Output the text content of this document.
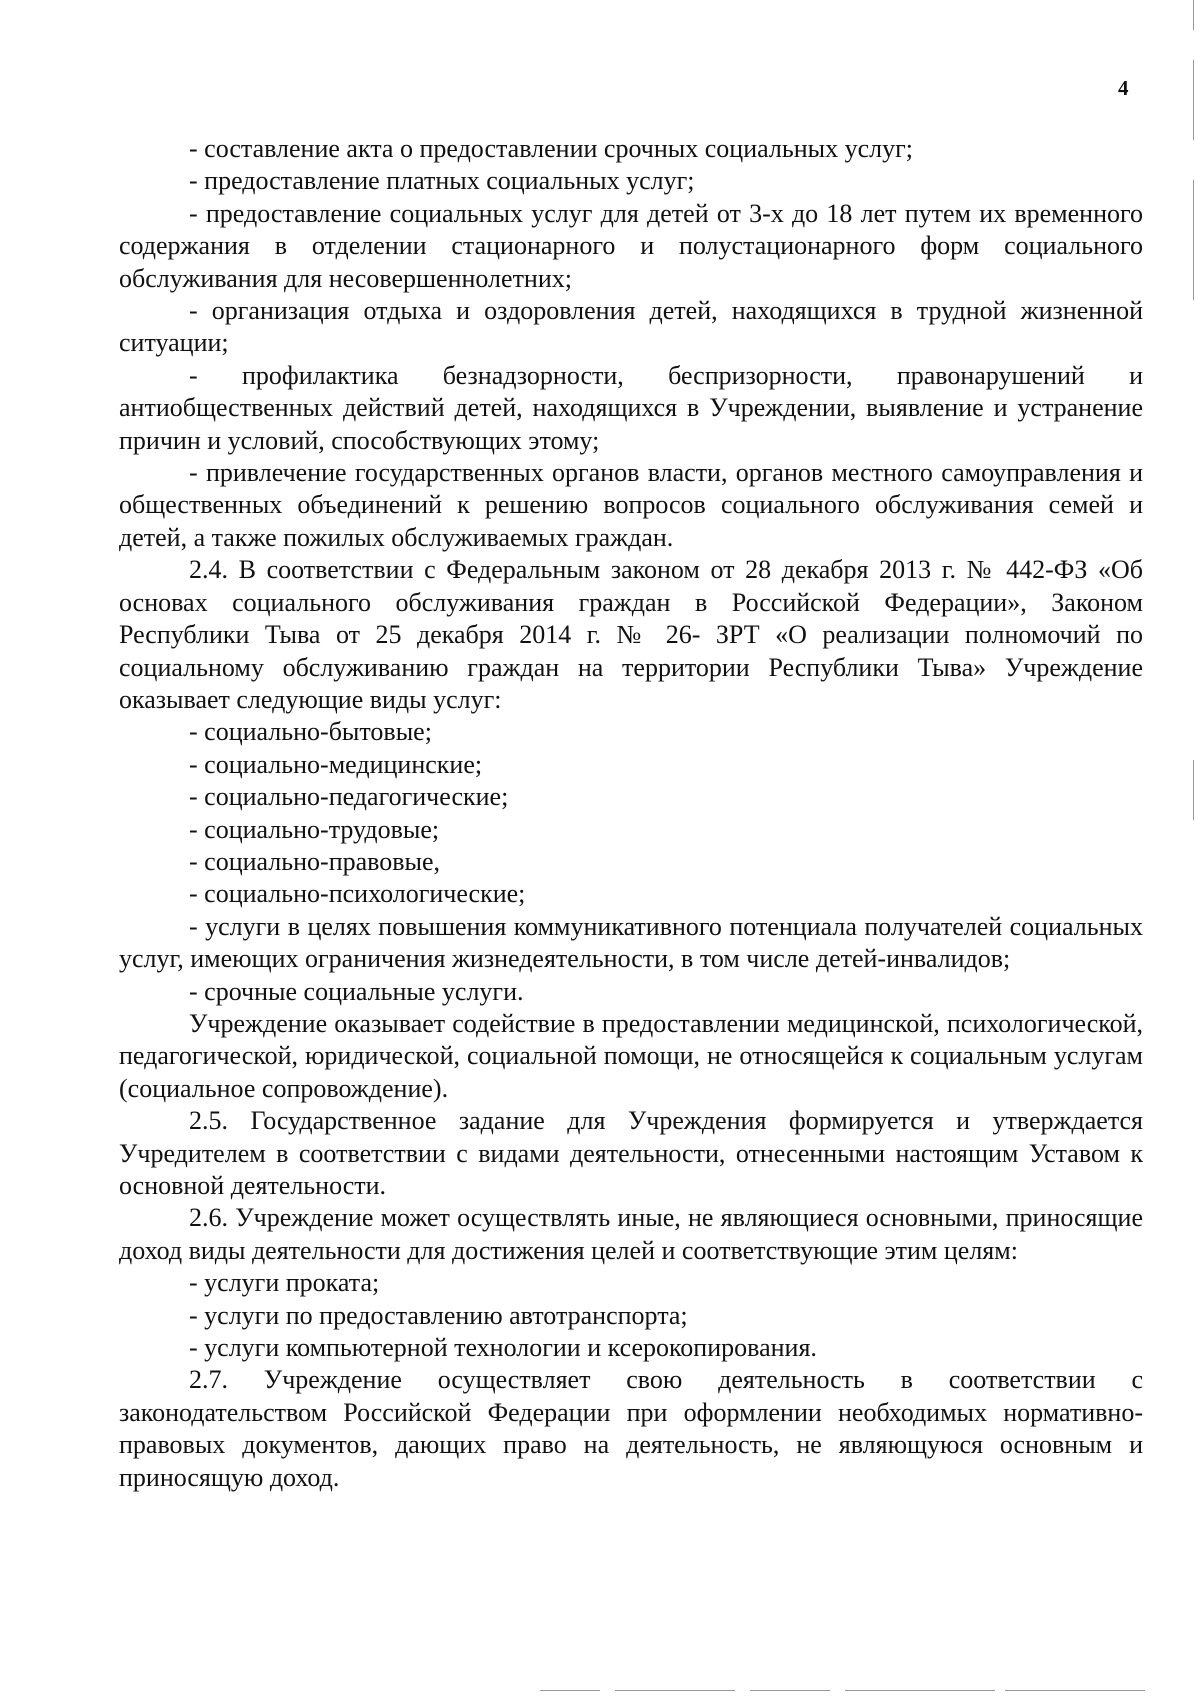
4

- составление акта о предоставлении срочных социальных услуг;

- предоставление платных социальных услуг;

- предоставление социальных услуг для детей от 3-х до 18 лет путем их временного содержания в отделении стационарного и полустационарного форм социального обслуживания для несовершеннолетних;

- организация отдыха и оздоровления детей, находящихся в трудной жизненной ситуации;

- профилактика безнадзорности, беспризорности, правонарушений и антиобщественных действий детей, находящихся в Учреждении, выявление и устранение причин и условий, способствующих этому;

- привлечение государственных органов власти, органов местного самоуправления и общественных объединений к решению вопросов социального обслуживания семей и детей, а также пожилых обслуживаемых граждан.

2.4. В соответствии с Федеральным законом от 28 декабря 2013 г. № 442-ФЗ «Об основах социального обслуживания граждан в Российской Федерации», Законом Республики Тыва от 25 декабря 2014 г. № 26- ЗРТ «О реализации полномочий по социальному обслуживанию граждан на территории Республики Тыва» Учреждение оказывает следующие виды услуг:

- социально-бытовые;

- социально-медицинские;

- социально-педагогические;

- социально-трудовые;

- социально-правовые,

- социально-психологические;

- услуги в целях повышения коммуникативного потенциала получателей социальных услуг, имеющих ограничения жизнедеятельности, в том числе детей-инвалидов;

- срочные социальные услуги.

Учреждение оказывает содействие в предоставлении медицинской, психологической, педагогической, юридической, социальной помощи, не относящейся к социальным услугам (социальное сопровождение).

2.5. Государственное задание для Учреждения формируется и утверждается Учредителем в соответствии с видами деятельности, отнесенными настоящим Уставом к основной деятельности.

2.6. Учреждение может осуществлять иные, не являющиеся основными, приносящие доход виды деятельности для достижения целей и соответствующие этим целям:

- услуги проката;

- услуги по предоставлению автотранспорта;

- услуги компьютерной технологии и ксерокопирования.

2.7. Учреждение осуществляет свою деятельность в соответствии с законодательством Российской Федерации при оформлении необходимых нормативно-правовых документов, дающих право на деятельность, не являющуюся основным и приносящую доход.
